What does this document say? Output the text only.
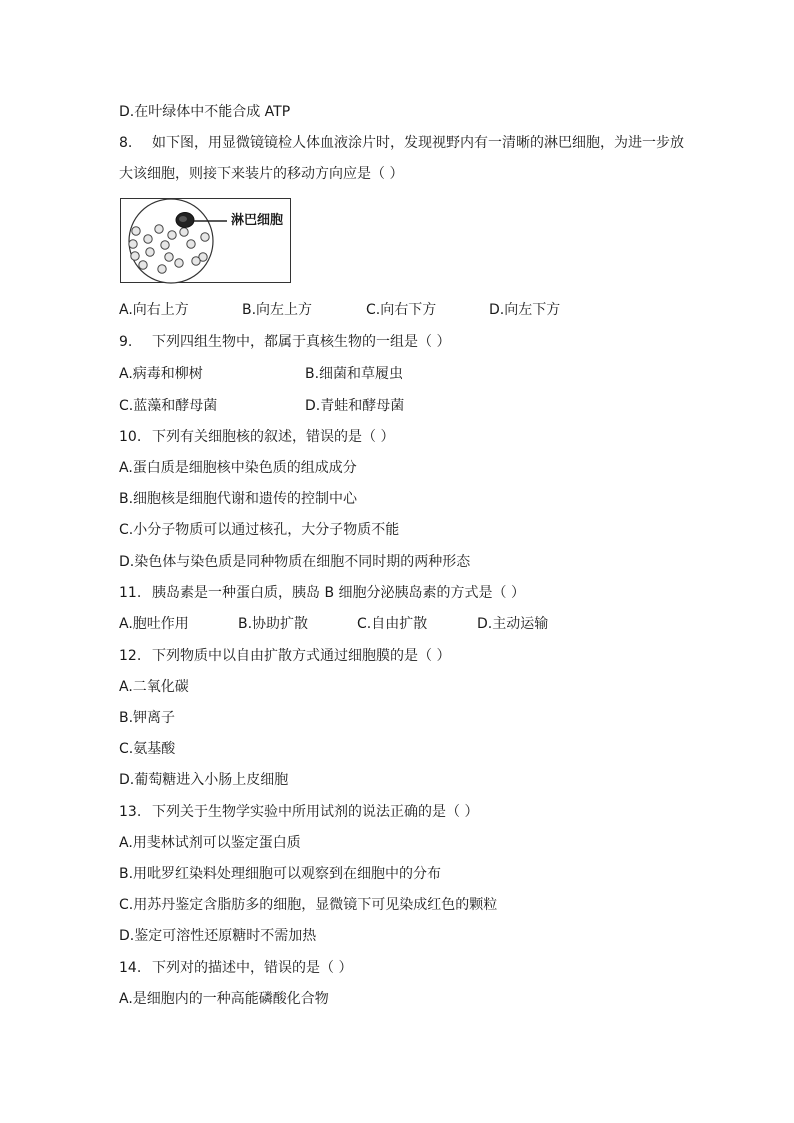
D.在叶绿体中不能合成 ATP
8. 如下图，用显微镜镜检人体血液涂片时，发现视野内有一清晰的淋巴细胞，为进一步放
大该细胞，则接下来装片的移动方向应是（ ）
淋巴细胞
A.向右上方	B.向左上方	C.向右下方	D.向左下方
9. 下列四组生物中，都属于真核生物的一组是（ ）
A.病毒和柳树	B.细菌和草履虫
C.蓝藻和酵母菌	D.青蛙和酵母菌
10. 下列有关细胞核的叙述，错误的是（ ）
A.蛋白质是细胞核中染色质的组成成分
B.细胞核是细胞代谢和遗传的控制中心
C.小分子物质可以通过核孔，大分子物质不能
D.染色体与染色质是同种物质在细胞不同时期的两种形态
11. 胰岛素是一种蛋白质，胰岛 B 细胞分泌胰岛素的方式是（ ）
A.胞吐作用	B.协助扩散	C.自由扩散	D.主动运输
12. 下列物质中以自由扩散方式通过细胞膜的是（ ）
A.二氧化碳
B.钾离子
C.氨基酸
D.葡萄糖进入小肠上皮细胞
13. 下列关于生物学实验中所用试剂的说法正确的是（ ）
A.用斐林试剂可以鉴定蛋白质
B.用吡罗红染料处理细胞可以观察到在细胞中的分布
C.用苏丹鉴定含脂肪多的细胞，显微镜下可见染成红色的颗粒
D.鉴定可溶性还原糖时不需加热
14. 下列对的描述中，错误的是（ ）
A.是细胞内的一种高能磷酸化合物
